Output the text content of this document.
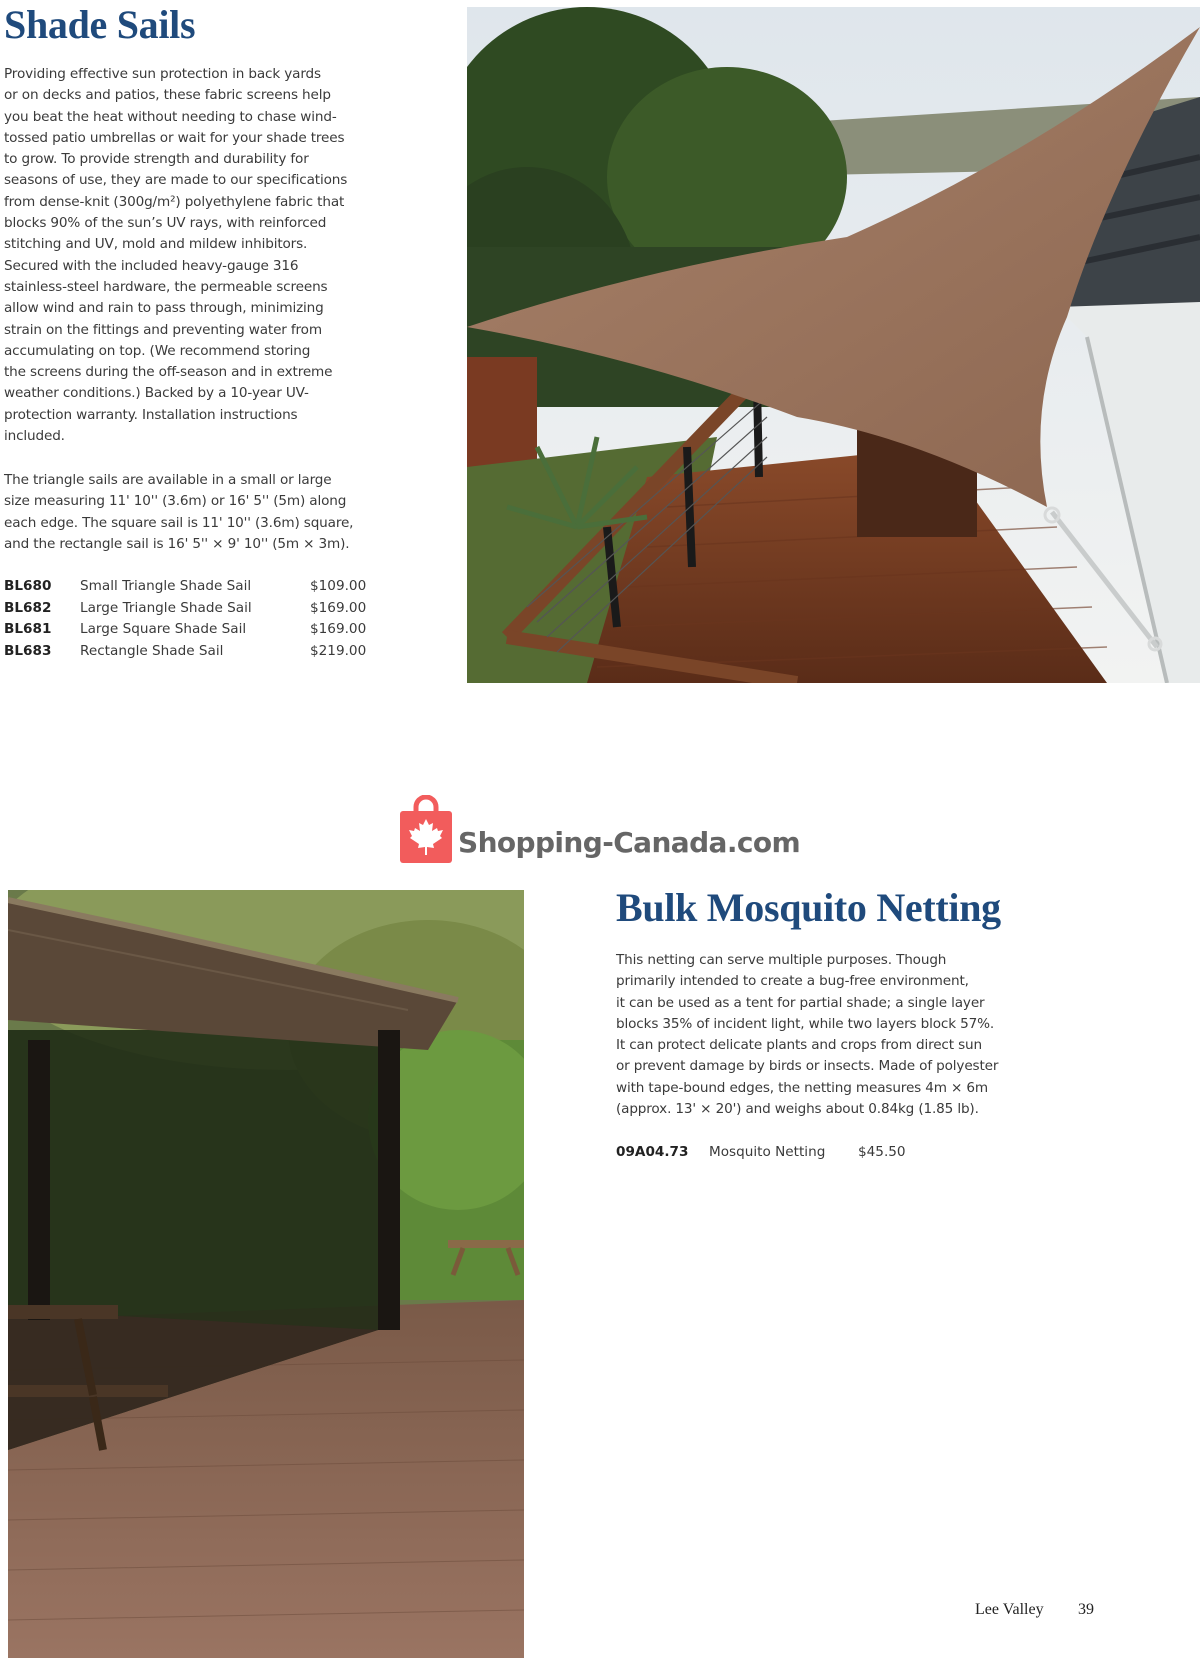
Shade Sails
Providing effective sun protection in back yards
or on decks and patios, these fabric screens help
you beat the heat without needing to chase wind-
tossed patio umbrellas or wait for your shade trees
to grow. To provide strength and durability for
seasons of use, they are made to our specifications
from dense-knit (300g/m²) polyethylene fabric that
blocks 90% of the sun’s UV rays, with reinforced
stitching and UV, mold and mildew inhibitors.
Secured with the included heavy-gauge 316
stainless-steel hardware, the permeable screens
allow wind and rain to pass through, minimizing
strain on the fittings and preventing water from
accumulating on top. (We recommend storing
the screens during the off-season and in extreme
weather conditions.) Backed by a 10-year UV-
protection warranty. Installation instructions
included.
The triangle sails are available in a small or large
size measuring 11' 10'' (3.6m) or 16' 5'' (5m) along
each edge. The square sail is 11' 10'' (3.6m) square,
and the rectangle sail is 16' 5'' × 9' 10'' (5m × 3m).
BL680 Small Triangle Shade Sail	$109.00
BL682 Large Triangle Shade Sail	$169.00
BL681 Large Square Shade Sail	$169.00
BL683 Rectangle Shade Sail	$219.00
Shopping-Canada.com
Bulk Mosquito Netting
This netting can serve multiple purposes. Though
primarily intended to create a bug-free environment,
it can be used as a tent for partial shade; a single layer
blocks 35% of incident light, while two layers block 57%.
It can protect delicate plants and crops from direct sun
or prevent damage by birds or insects. Made of polyester
with tape-bound edges, the netting measures 4m × 6m
(approx. 13' × 20') and weighs about 0.84kg (1.85 lb).
09A04.73 Mosquito Netting $45.50
Lee Valley 39
